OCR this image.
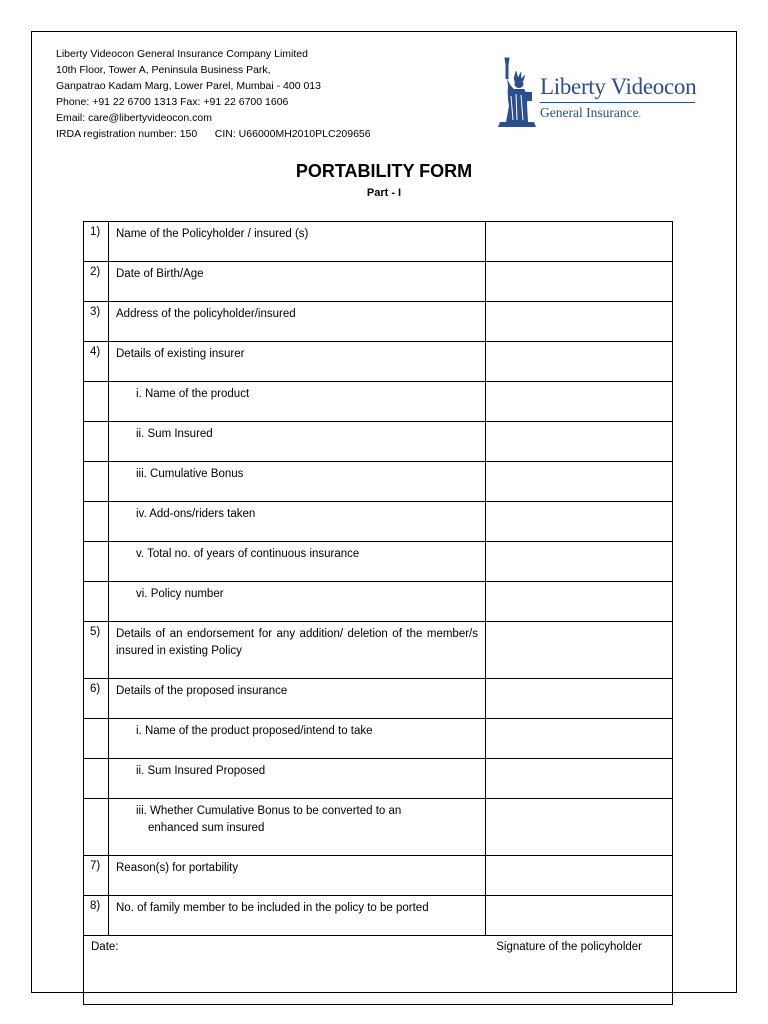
Liberty Videocon General Insurance Company Limited
10th Floor, Tower A, Peninsula Business Park,
Ganpatrao Kadam Marg, Lower Parel, Mumbai - 400 013
Phone: +91 22 6700 1313 Fax: +91 22 6700 1606
Email: care@libertyvideocon.com
IRDA registration number: 150 CIN: U66000MH2010PLC209656
Liberty Videocon
General Insurance.
PORTABILITY FORM
Part - I
1)	Name of the Policyholder / insured (s)	
2)	Date of Birth/Age	
3)	Address of the policyholder/insured	
4)	Details of existing insurer	
	i. Name of the product	
	ii. Sum Insured	
	iii. Cumulative Bonus	
	iv. Add-ons/riders taken	
	v. Total no. of years of continuous insurance	
	vi. Policy number	
5)	Details of an endorsement for any addition/ deletion of the member/s insured in existing Policy	
6)	Details of the proposed insurance	
	i. Name of the product proposed/intend to take	
	ii. Sum Insured Proposed	
	iii. Whether Cumulative Bonus to be converted to an

enhanced sum insured	

7)	Reason(s) for portability	
8)	No. of family member to be included in the policy to be ported	

Date: Signature of the policyholder		
